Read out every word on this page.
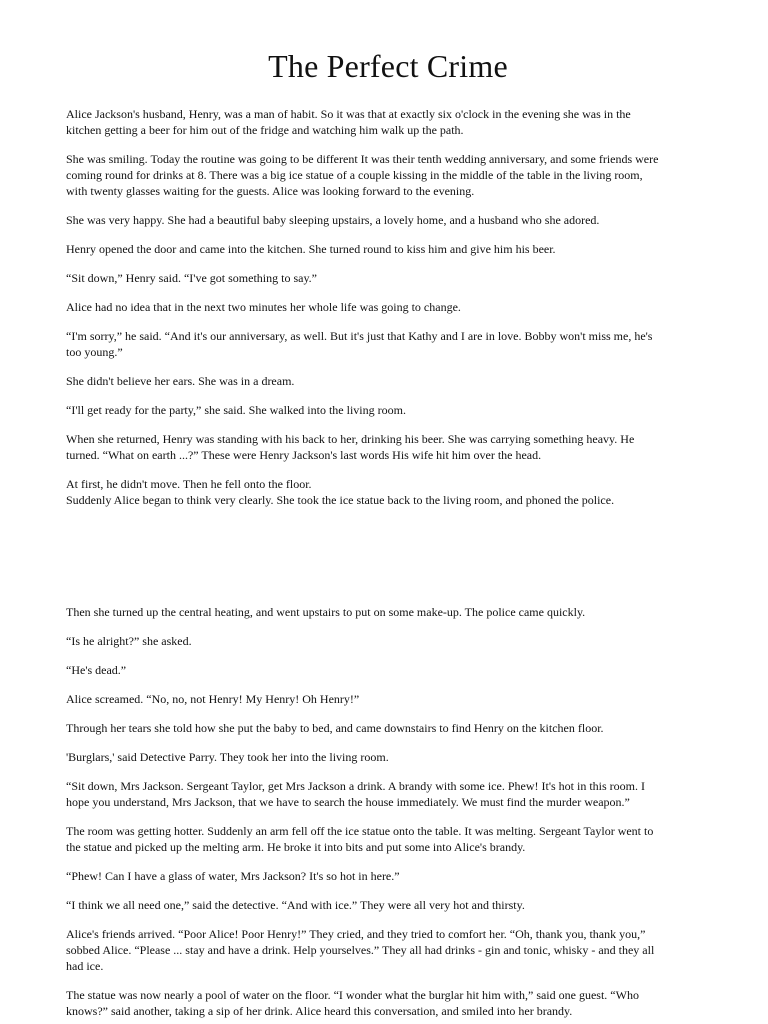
The Perfect Crime
Alice Jackson's husband, Henry, was a man of habit. So it was that at exactly six o'clock in the evening she was in the
kitchen getting a beer for him out of the fridge and watching him walk up the path.
She was smiling. Today the routine was going to be different It was their tenth wedding anniversary, and some friends were
coming round for drinks at 8. There was a big ice statue of a couple kissing in the middle of the table in the living room,
with twenty glasses waiting for the guests. Alice was looking forward to the evening.
She was very happy. She had a beautiful baby sleeping upstairs, a lovely home, and a husband who she adored.
Henry opened the door and came into the kitchen. She turned round to kiss him and give him his beer.
“Sit down,” Henry said. “I've got something to say.”
Alice had no idea that in the next two minutes her whole life was going to change.
“I'm sorry,” he said. “And it's our anniversary, as well. But it's just that Kathy and I are in love. Bobby won't miss me, he's
too young.”
She didn't believe her ears. She was in a dream.
“I'll get ready for the party,” she said. She walked into the living room.
When she returned, Henry was standing with his back to her, drinking his beer. She was carrying something heavy. He
turned. “What on earth ...?” These were Henry Jackson's last words His wife hit him over the head.
At first, he didn't move. Then he fell onto the floor.
Suddenly Alice began to think very clearly. She took the ice statue back to the living room, and phoned the police.
Then she turned up the central heating, and went upstairs to put on some make-up. The police came quickly.
“Is he alright?” she asked.
“He's dead.”
Alice screamed. “No, no, not Henry! My Henry! Oh Henry!”
Through her tears she told how she put the baby to bed, and came downstairs to find Henry on the kitchen floor.
'Burglars,' said Detective Parry. They took her into the living room.
“Sit down, Mrs Jackson. Sergeant Taylor, get Mrs Jackson a drink. A brandy with some ice. Phew! It's hot in this room. I
hope you understand, Mrs Jackson, that we have to search the house immediately. We must find the murder weapon.”
The room was getting hotter. Suddenly an arm fell off the ice statue onto the table. It was melting. Sergeant Taylor went to
the statue and picked up the melting arm. He broke it into bits and put some into Alice's brandy.
“Phew! Can I have a glass of water, Mrs Jackson? It's so hot in here.”
“I think we all need one,” said the detective. “And with ice.” They were all very hot and thirsty.
Alice's friends arrived. “Poor Alice! Poor Henry!” They cried, and they tried to comfort her. “Oh, thank you, thank you,”
sobbed Alice. “Please ... stay and have a drink. Help yourselves.” They all had drinks - gin and tonic, whisky - and they all
had ice.
The statue was now nearly a pool of water on the floor. “I wonder what the burglar hit him with,” said one guest. “Who
knows?” said another, taking a sip of her drink. Alice heard this conversation, and smiled into her brandy.
